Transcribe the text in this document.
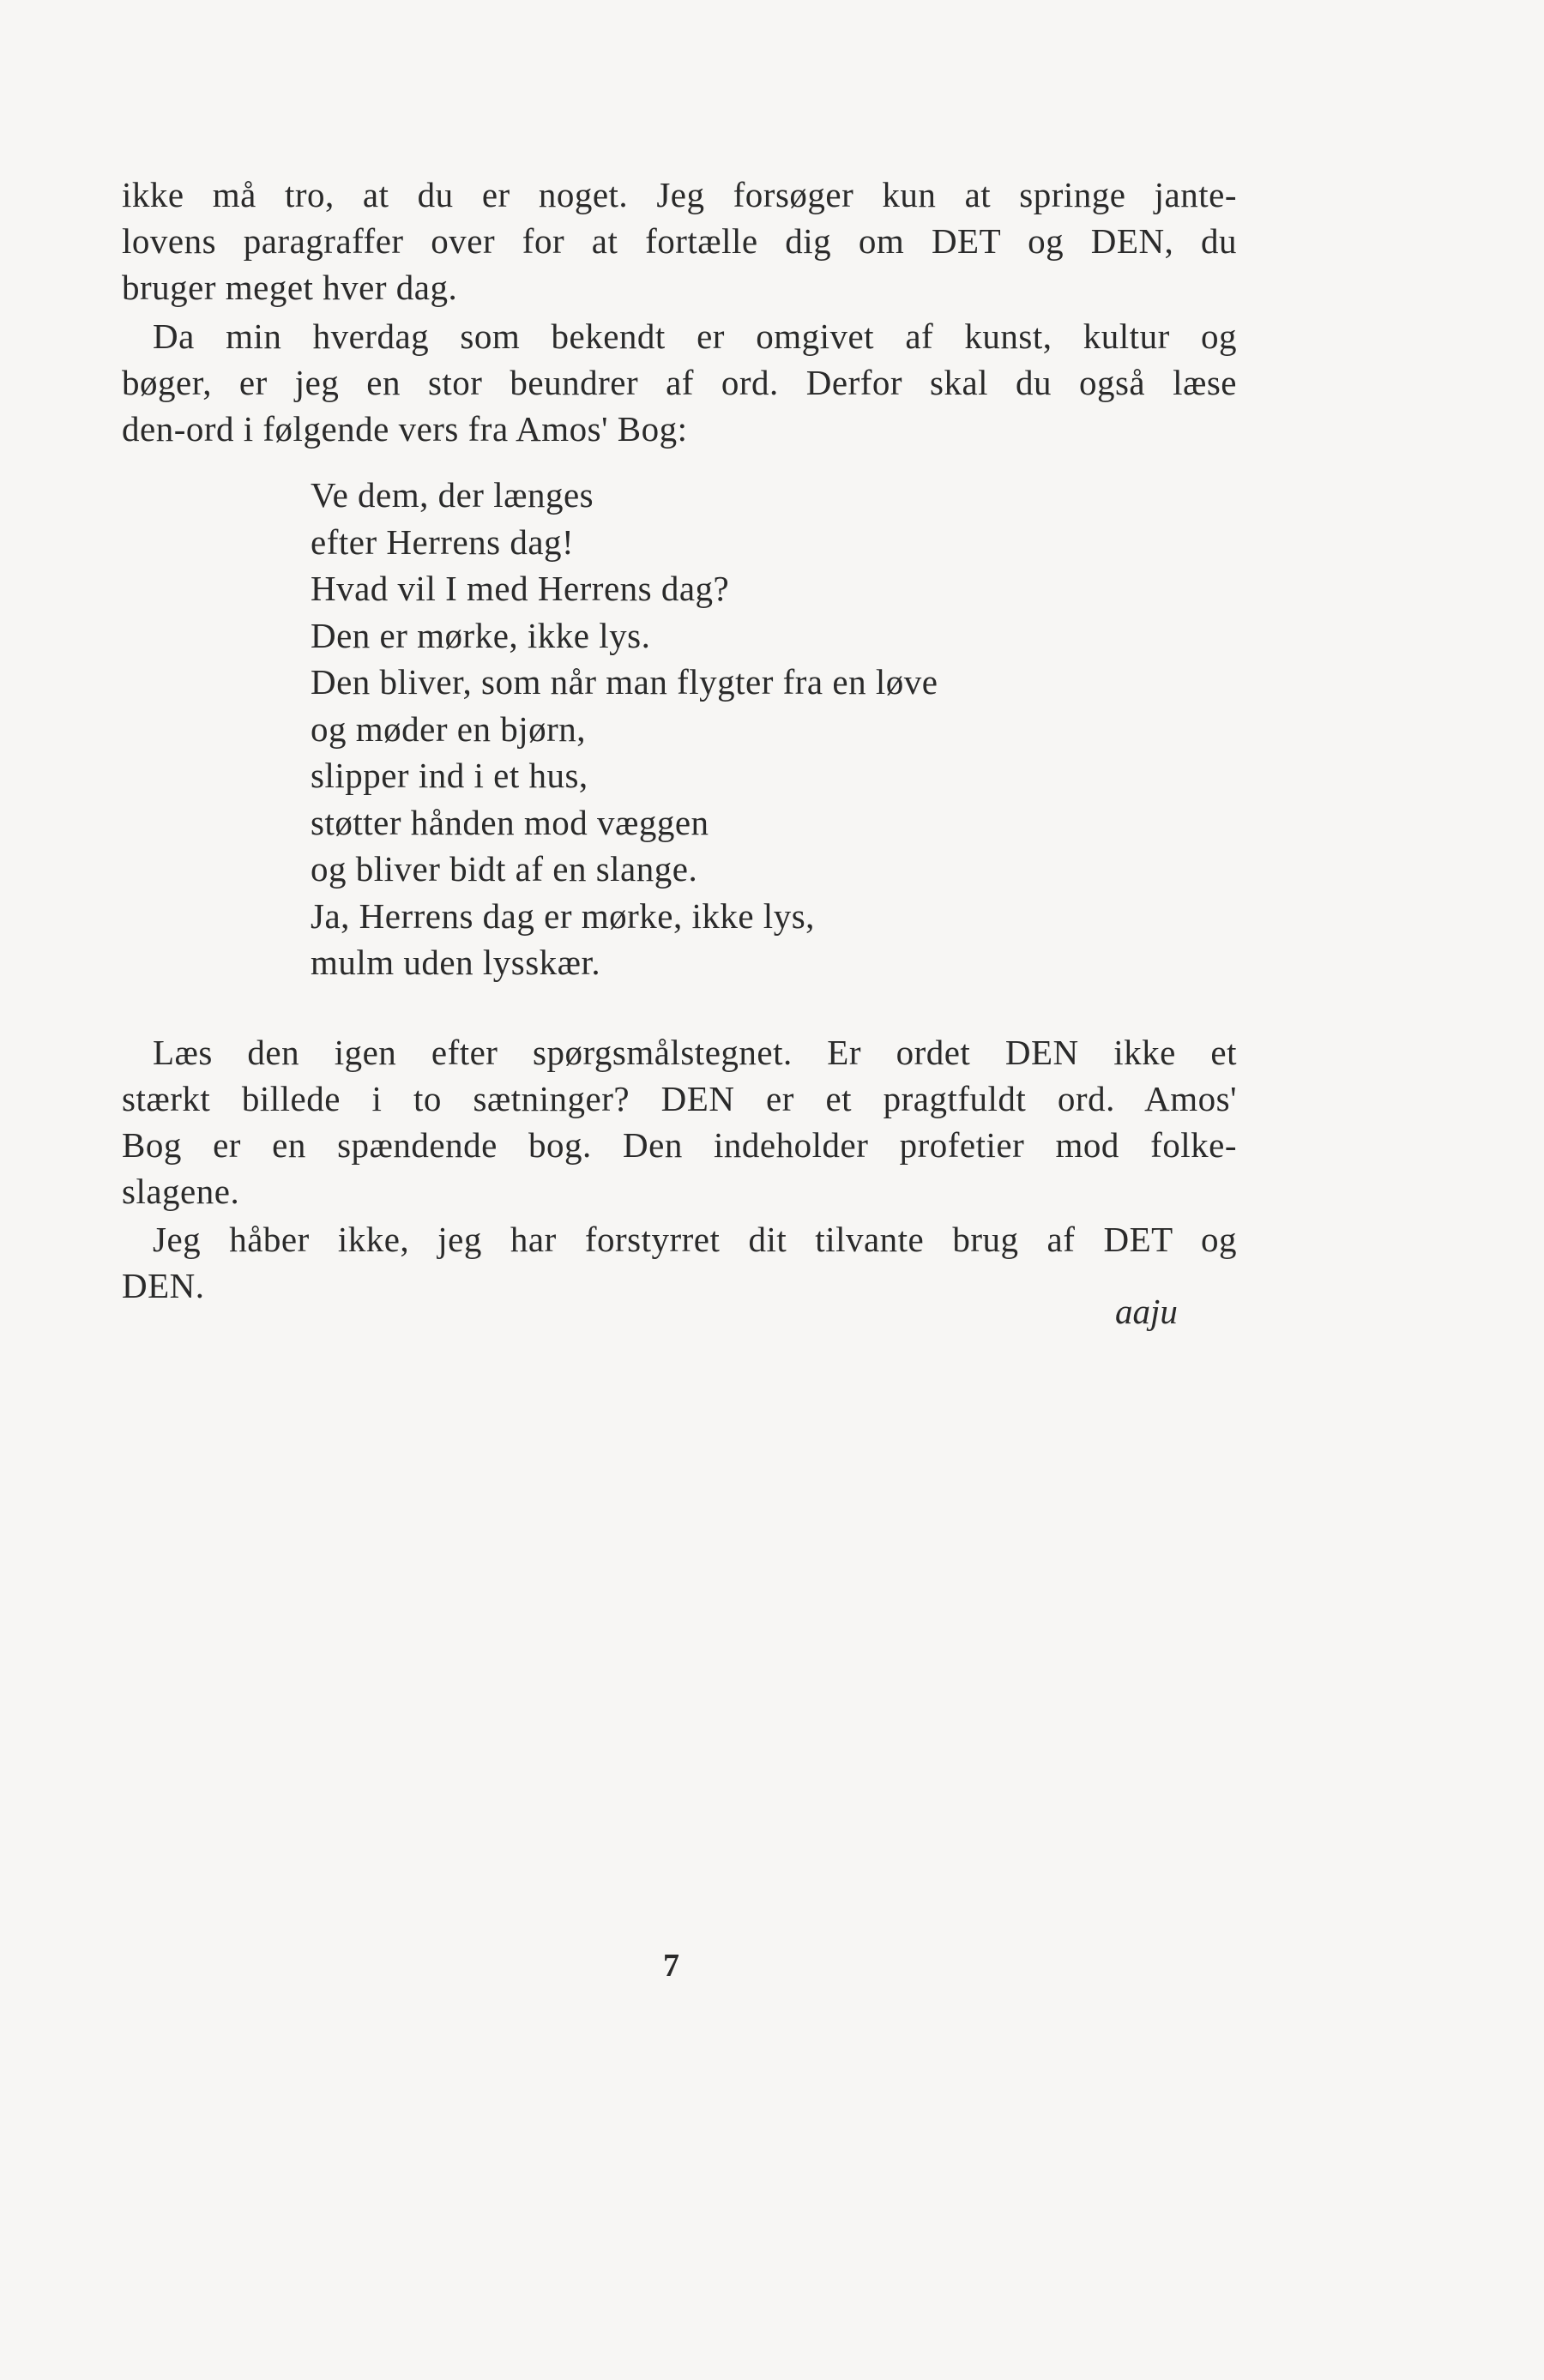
ikke må tro, at du er noget. Jeg forsøger kun at springe jante-
lovens paragraffer over for at fortælle dig om DET og DEN, du
bruger meget hver dag.
Da min hverdag som bekendt er omgivet af kunst, kultur og
bøger, er jeg en stor beundrer af ord. Derfor skal du også læse
den-ord i følgende vers fra Amos' Bog:
Ve dem, der længes
efter Herrens dag!
Hvad vil I med Herrens dag?
Den er mørke, ikke lys.
Den bliver, som når man flygter fra en løve
og møder en bjørn,
slipper ind i et hus,
støtter hånden mod væggen
og bliver bidt af en slange.
Ja, Herrens dag er mørke, ikke lys,
mulm uden lysskær.
Læs den igen efter spørgsmålstegnet. Er ordet DEN ikke et
stærkt billede i to sætninger? DEN er et pragtfuldt ord. Amos'
Bog er en spændende bog. Den indeholder profetier mod folke-
slagene.
Jeg håber ikke, jeg har forstyrret dit tilvante brug af DET og
DEN.
aaju
7
